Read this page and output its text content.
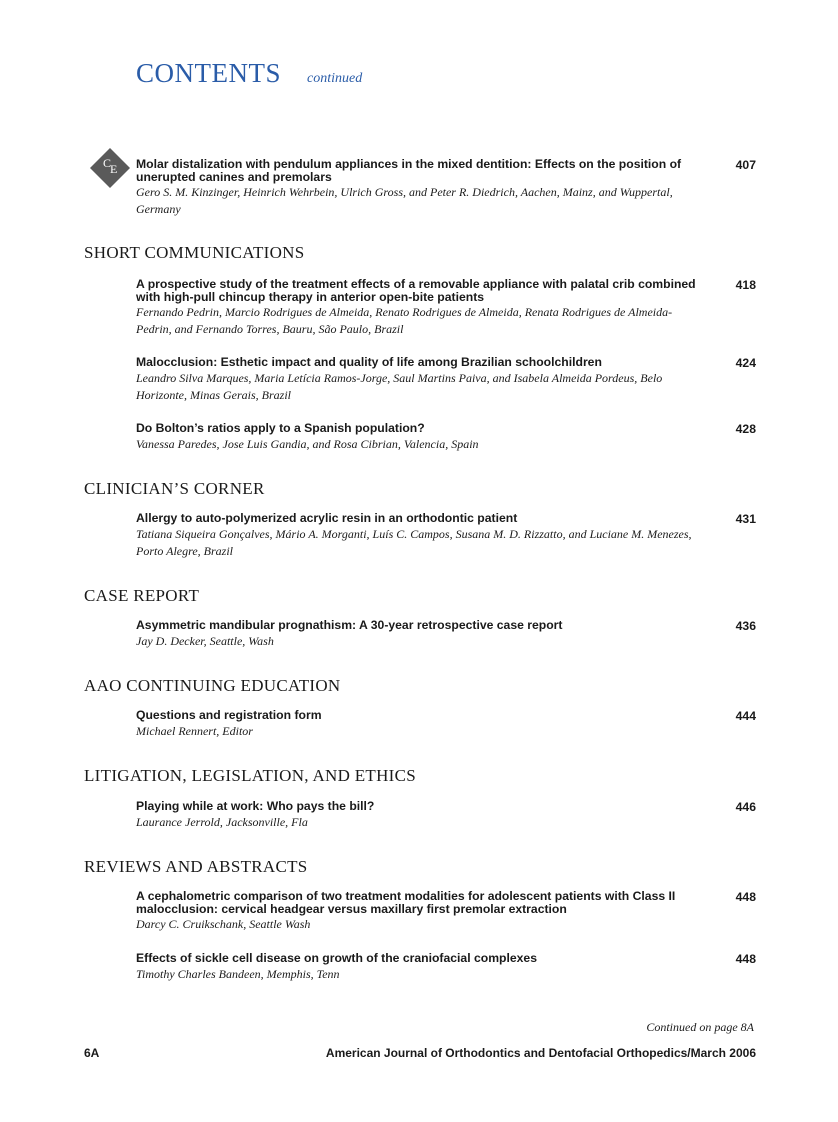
CONTENTS continued
C
E Molar distalization with pendulum appliances in the mixed dentition: Effects on the position of unerupted canines and premolars
Gero S. M. Kinzinger, Heinrich Wehrbein, Ulrich Gross, and Peter R. Diedrich, Aachen, Mainz, and Wuppertal, Germany
407
SHORT COMMUNICATIONS
A prospective study of the treatment effects of a removable appliance with palatal crib combined with high-pull chincup therapy in anterior open-bite patients
Fernando Pedrin, Marcio Rodrigues de Almeida, Renato Rodrigues de Almeida, Renata Rodrigues de Almeida-Pedrin, and Fernando Torres, Bauru, São Paulo, Brazil
418
Malocclusion: Esthetic impact and quality of life among Brazilian schoolchildren
Leandro Silva Marques, Maria Letícia Ramos-Jorge, Saul Martins Paiva, and Isabela Almeida Pordeus, Belo Horizonte, Minas Gerais, Brazil
424
Do Bolton’s ratios apply to a Spanish population?
Vanessa Paredes, Jose Luis Gandia, and Rosa Cibrian, Valencia, Spain
428
CLINICIAN’S CORNER
Allergy to auto-polymerized acrylic resin in an orthodontic patient
Tatiana Siqueira Gonçalves, Mário A. Morganti, Luís C. Campos, Susana M. D. Rizzatto, and Luciane M. Menezes, Porto Alegre, Brazil
431
CASE REPORT
Asymmetric mandibular prognathism: A 30-year retrospective case report
Jay D. Decker, Seattle, Wash
436
AAO CONTINUING EDUCATION
Questions and registration form
Michael Rennert, Editor
444
LITIGATION, LEGISLATION, AND ETHICS
Playing while at work: Who pays the bill?
Laurance Jerrold, Jacksonville, Fla
446
REVIEWS AND ABSTRACTS
A cephalometric comparison of two treatment modalities for adolescent patients with Class II malocclusion: cervical headgear versus maxillary first premolar extraction
Darcy C. Cruikschank, Seattle Wash
448
Effects of sickle cell disease on growth of the craniofacial complexes
Timothy Charles Bandeen, Memphis, Tenn
448
Continued on page 8A
6A	American Journal of Orthodontics and Dentofacial Orthopedics/March 2006
